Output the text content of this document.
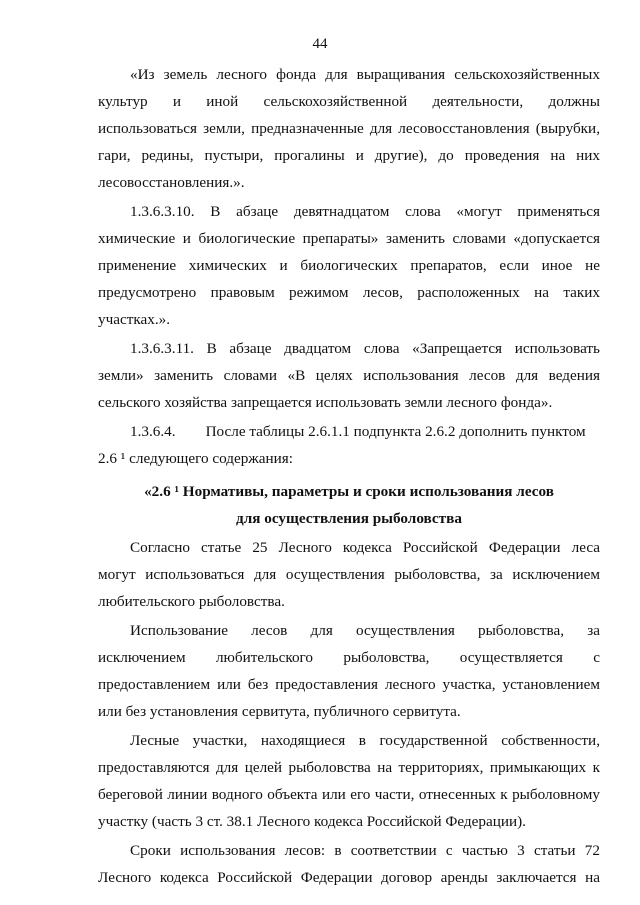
44
«Из земель лесного фонда для выращивания сельскохозяйственных
культур и иной сельскохозяйственной деятельности, должны
использоваться земли, предназначенные для лесовосстановления (вырубки,
гари, редины, пустыри, прогалины и другие), до проведения на них
лесовосстановления.».
1.3.6.3.10. В абзаце девятнадцатом слова «могут применяться
химические и биологические препараты» заменить словами «допускается
применение химических и биологических препаратов, если иное не
предусмотрено правовым режимом лесов, расположенных на таких
участках.».
1.3.6.3.11. В абзаце двадцатом слова «Запрещается использовать
земли» заменить словами «В целях использования лесов для ведения
сельского хозяйства запрещается использовать земли лесного фонда».
1.3.6.4. После таблицы 2.6.1.1 подпункта 2.6.2 дополнить пунктом
2.6 ¹ следующего содержания:
«2.6 ¹ Нормативы, параметры и сроки использования лесов
для осуществления рыболовства
Согласно статье 25 Лесного кодекса Российской Федерации леса
могут использоваться для осуществления рыболовства, за исключением
любительского рыболовства.
Использование лесов для осуществления рыболовства, за
исключением любительского рыболовства, осуществляется с
предоставлением или без предоставления лесного участка, установлением
или без установления сервитута, публичного сервитута.
Лесные участки, находящиеся в государственной собственности,
предоставляются для целей рыболовства на территориях, примыкающих к
береговой линии водного объекта или его части, отнесенных к рыболовному
участку (часть 3 ст. 38.1 Лесного кодекса Российской Федерации).
Сроки использования лесов: в соответствии с частью 3 статьи 72
Лесного кодекса Российской Федерации договор аренды заключается на
